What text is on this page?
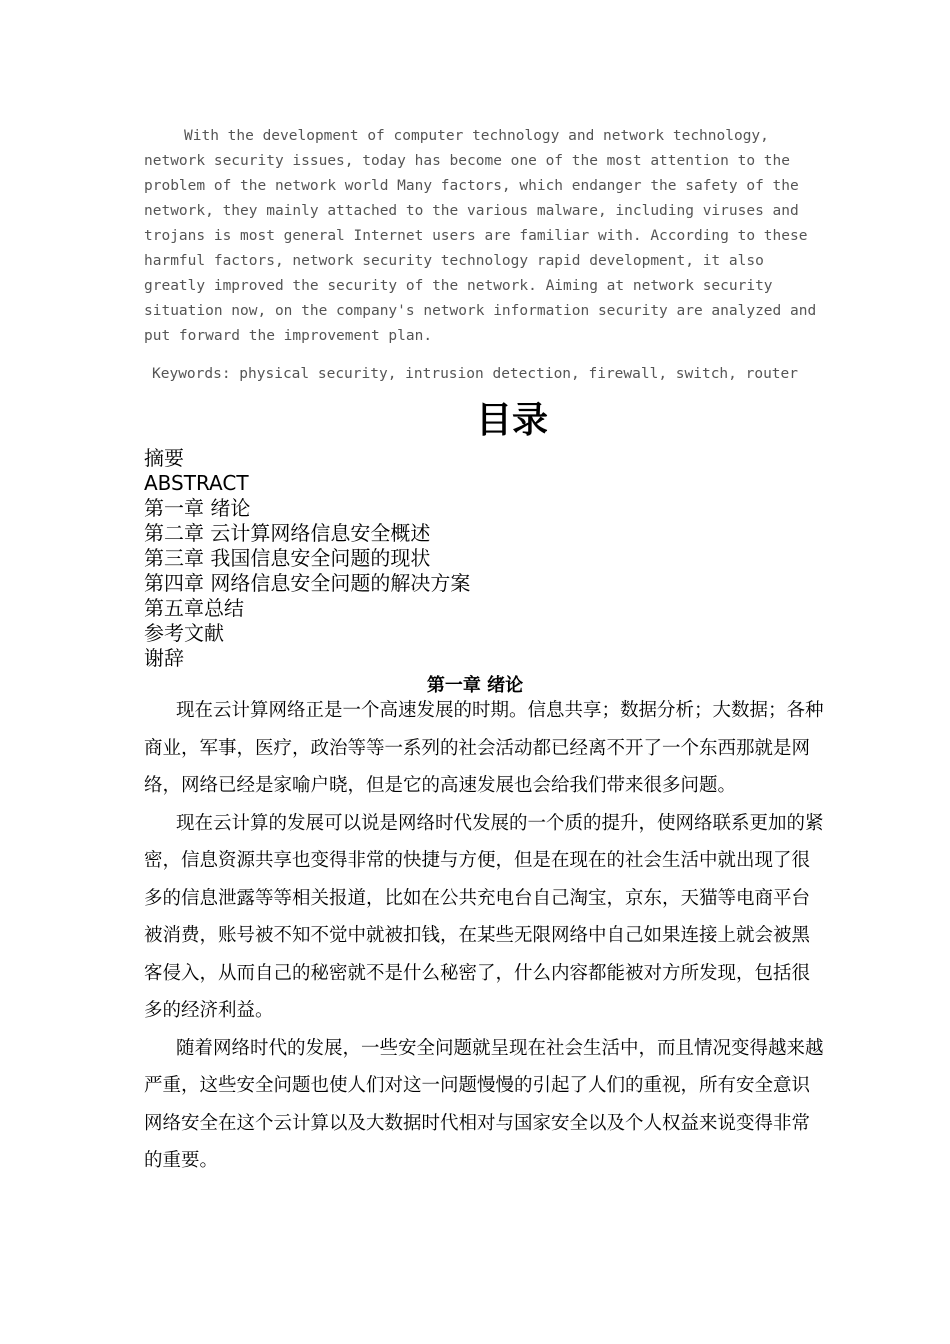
With the development of computer technology and network technology, network security issues, today has become one of the most attention to the problem of the network world Many factors, which endanger the safety of the network, they mainly attached to the various malware, including viruses and trojans is most general Internet users are familiar with. According to these harmful factors, network security technology rapid development, it also greatly improved the security of the network. Aiming at network security situation now, on the company's network information security are analyzed and put forward the improvement plan.

Keywords: physical security, intrusion detection, firewall, switch, router
目录
摘要
ABSTRACT
第一章 绪论
第二章 云计算网络信息安全概述
第三章 我国信息安全问题的现状
第四章 网络信息安全问题的解决方案
第五章总结
参考文献
谢辞
第一章 绪论

现在云计算网络正是一个高速发展的时期。信息共享；数据分析；大数据；各种商业，军事，医疗，政治等等一系列的社会活动都已经离不开了一个东西那就是网络，网络已经是家喻户晓，但是它的高速发展也会给我们带来很多问题。

现在云计算的发展可以说是网络时代发展的一个质的提升，使网络联系更加的紧密，信息资源共享也变得非常的快捷与方便，但是在现在的社会生活中就出现了很多的信息泄露等等相关报道，比如在公共充电台自己淘宝，京东，天猫等电商平台被消费，账号被不知不觉中就被扣钱，在某些无限网络中自己如果连接上就会被黑客侵入，从而自己的秘密就不是什么秘密了，什么内容都能被对方所发现，包括很多的经济利益。

随着网络时代的发展，一些安全问题就呈现在社会生活中，而且情况变得越来越严重，这些安全问题也使人们对这一问题慢慢的引起了人们的重视，所有安全意识网络安全在这个云计算以及大数据时代相对与国家安全以及个人权益来说变得非常的重要。
